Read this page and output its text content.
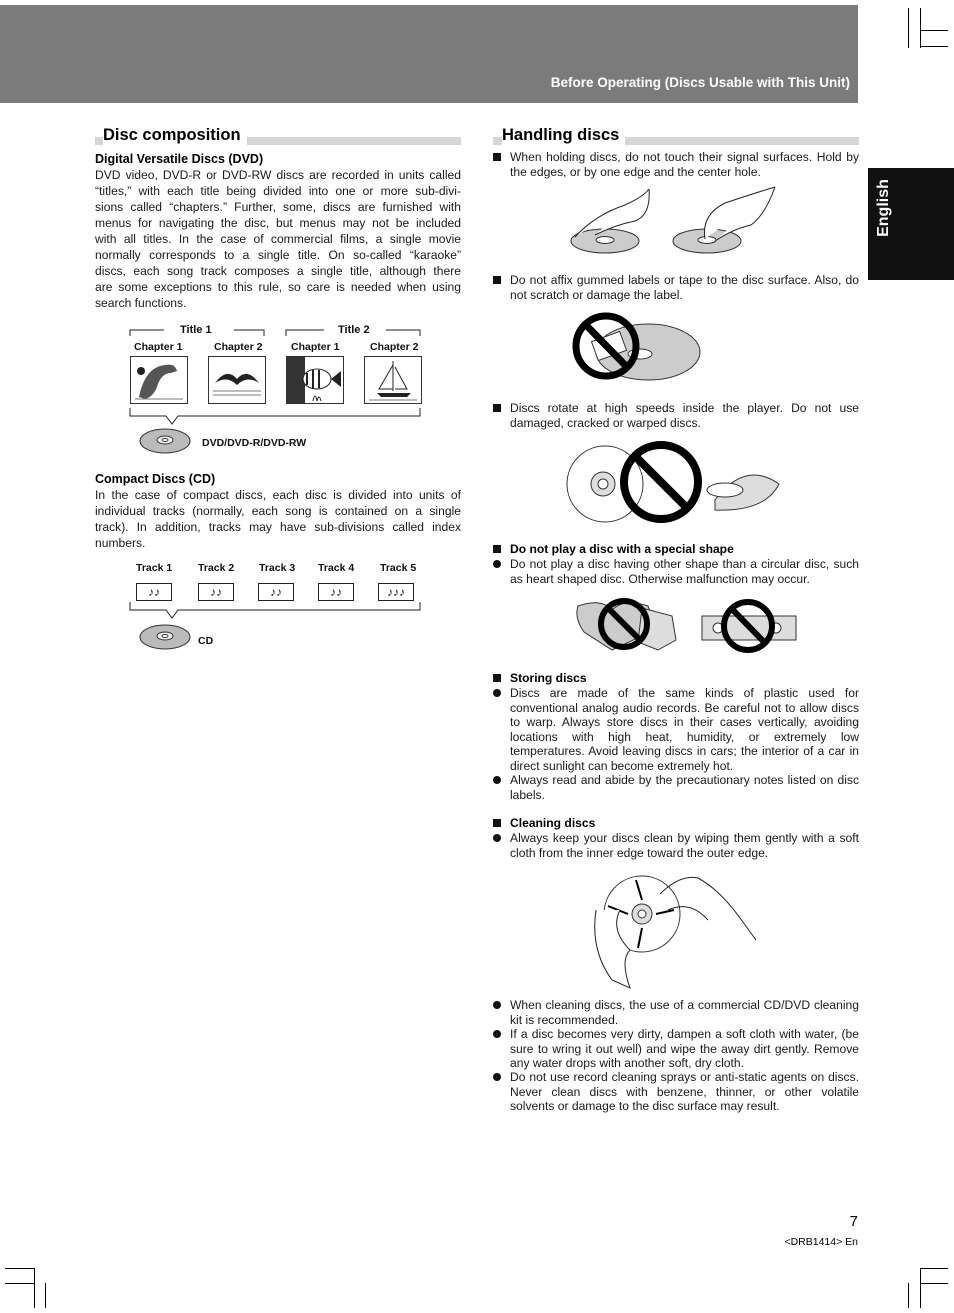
Before Operating (Discs Usable with This Unit)
English
Disc composition
Digital Versatile Discs (DVD)
DVD video, DVD-R or DVD-RW discs are recorded in units called
“titles,” with each title being divided into one or more sub-divi-
sions called “chapters.” Further, some, discs are furnished with
menus for navigating the disc, but menus may not be included
with all titles. In the case of commercial films, a single movie
normally corresponds to a single title. On so-called “karaoke”
discs, each song track composes a single title, although there
are some exceptions to this rule, so care is needed when using
search functions.
Title 1	Title 2
Chapter 1	Chapter 2	Chapter 1	Chapter 2
DVD/DVD-R/DVD-RW
Compact Discs (CD)
In the case of compact discs, each disc is divided into units of
individual tracks (normally, each song is contained on a single
track). In addition, tracks may have sub-divisions called index
numbers.
Track 1 Track 2 Track 3 Track 4 Track 5
♪♪	♪♪	♪♪	♪♪	♪♪♪
CD
Handling discs
When holding discs, do not touch their signal surfaces. Hold by the edges, or by one edge and the center hole.
Do not affix gummed labels or tape to the disc surface. Also, do not scratch or damage the label.
Discs rotate at high speeds inside the player. Do not use damaged, cracked or warped discs.
Do not play a disc with a special shape
Do not play a disc having other shape than a circular disc, such as heart shaped disc. Otherwise malfunction may occur.
Storing discs
Discs are made of the same kinds of plastic used for conventional analog audio records. Be careful not to allow discs to warp. Always store discs in their cases vertically, avoiding locations with high heat, humidity, or extremely low temperatures. Avoid leaving discs in cars; the interior of a car in direct sunlight can become extremely hot.
Always read and abide by the precautionary notes listed on disc labels.
Cleaning discs
Always keep your discs clean by wiping them gently with a soft cloth from the inner edge toward the outer edge.
When cleaning discs, the use of a commercial CD/DVD cleaning kit is recommended.
If a disc becomes very dirty, dampen a soft cloth with water, (be sure to wring it out well) and wipe the away dirt gently. Remove any water drops with another soft, dry cloth.
Do not use record cleaning sprays or anti-static agents on discs. Never clean discs with benzene, thinner, or other volatile solvents or damage to the disc surface may result.
7
<DRB1414> En
